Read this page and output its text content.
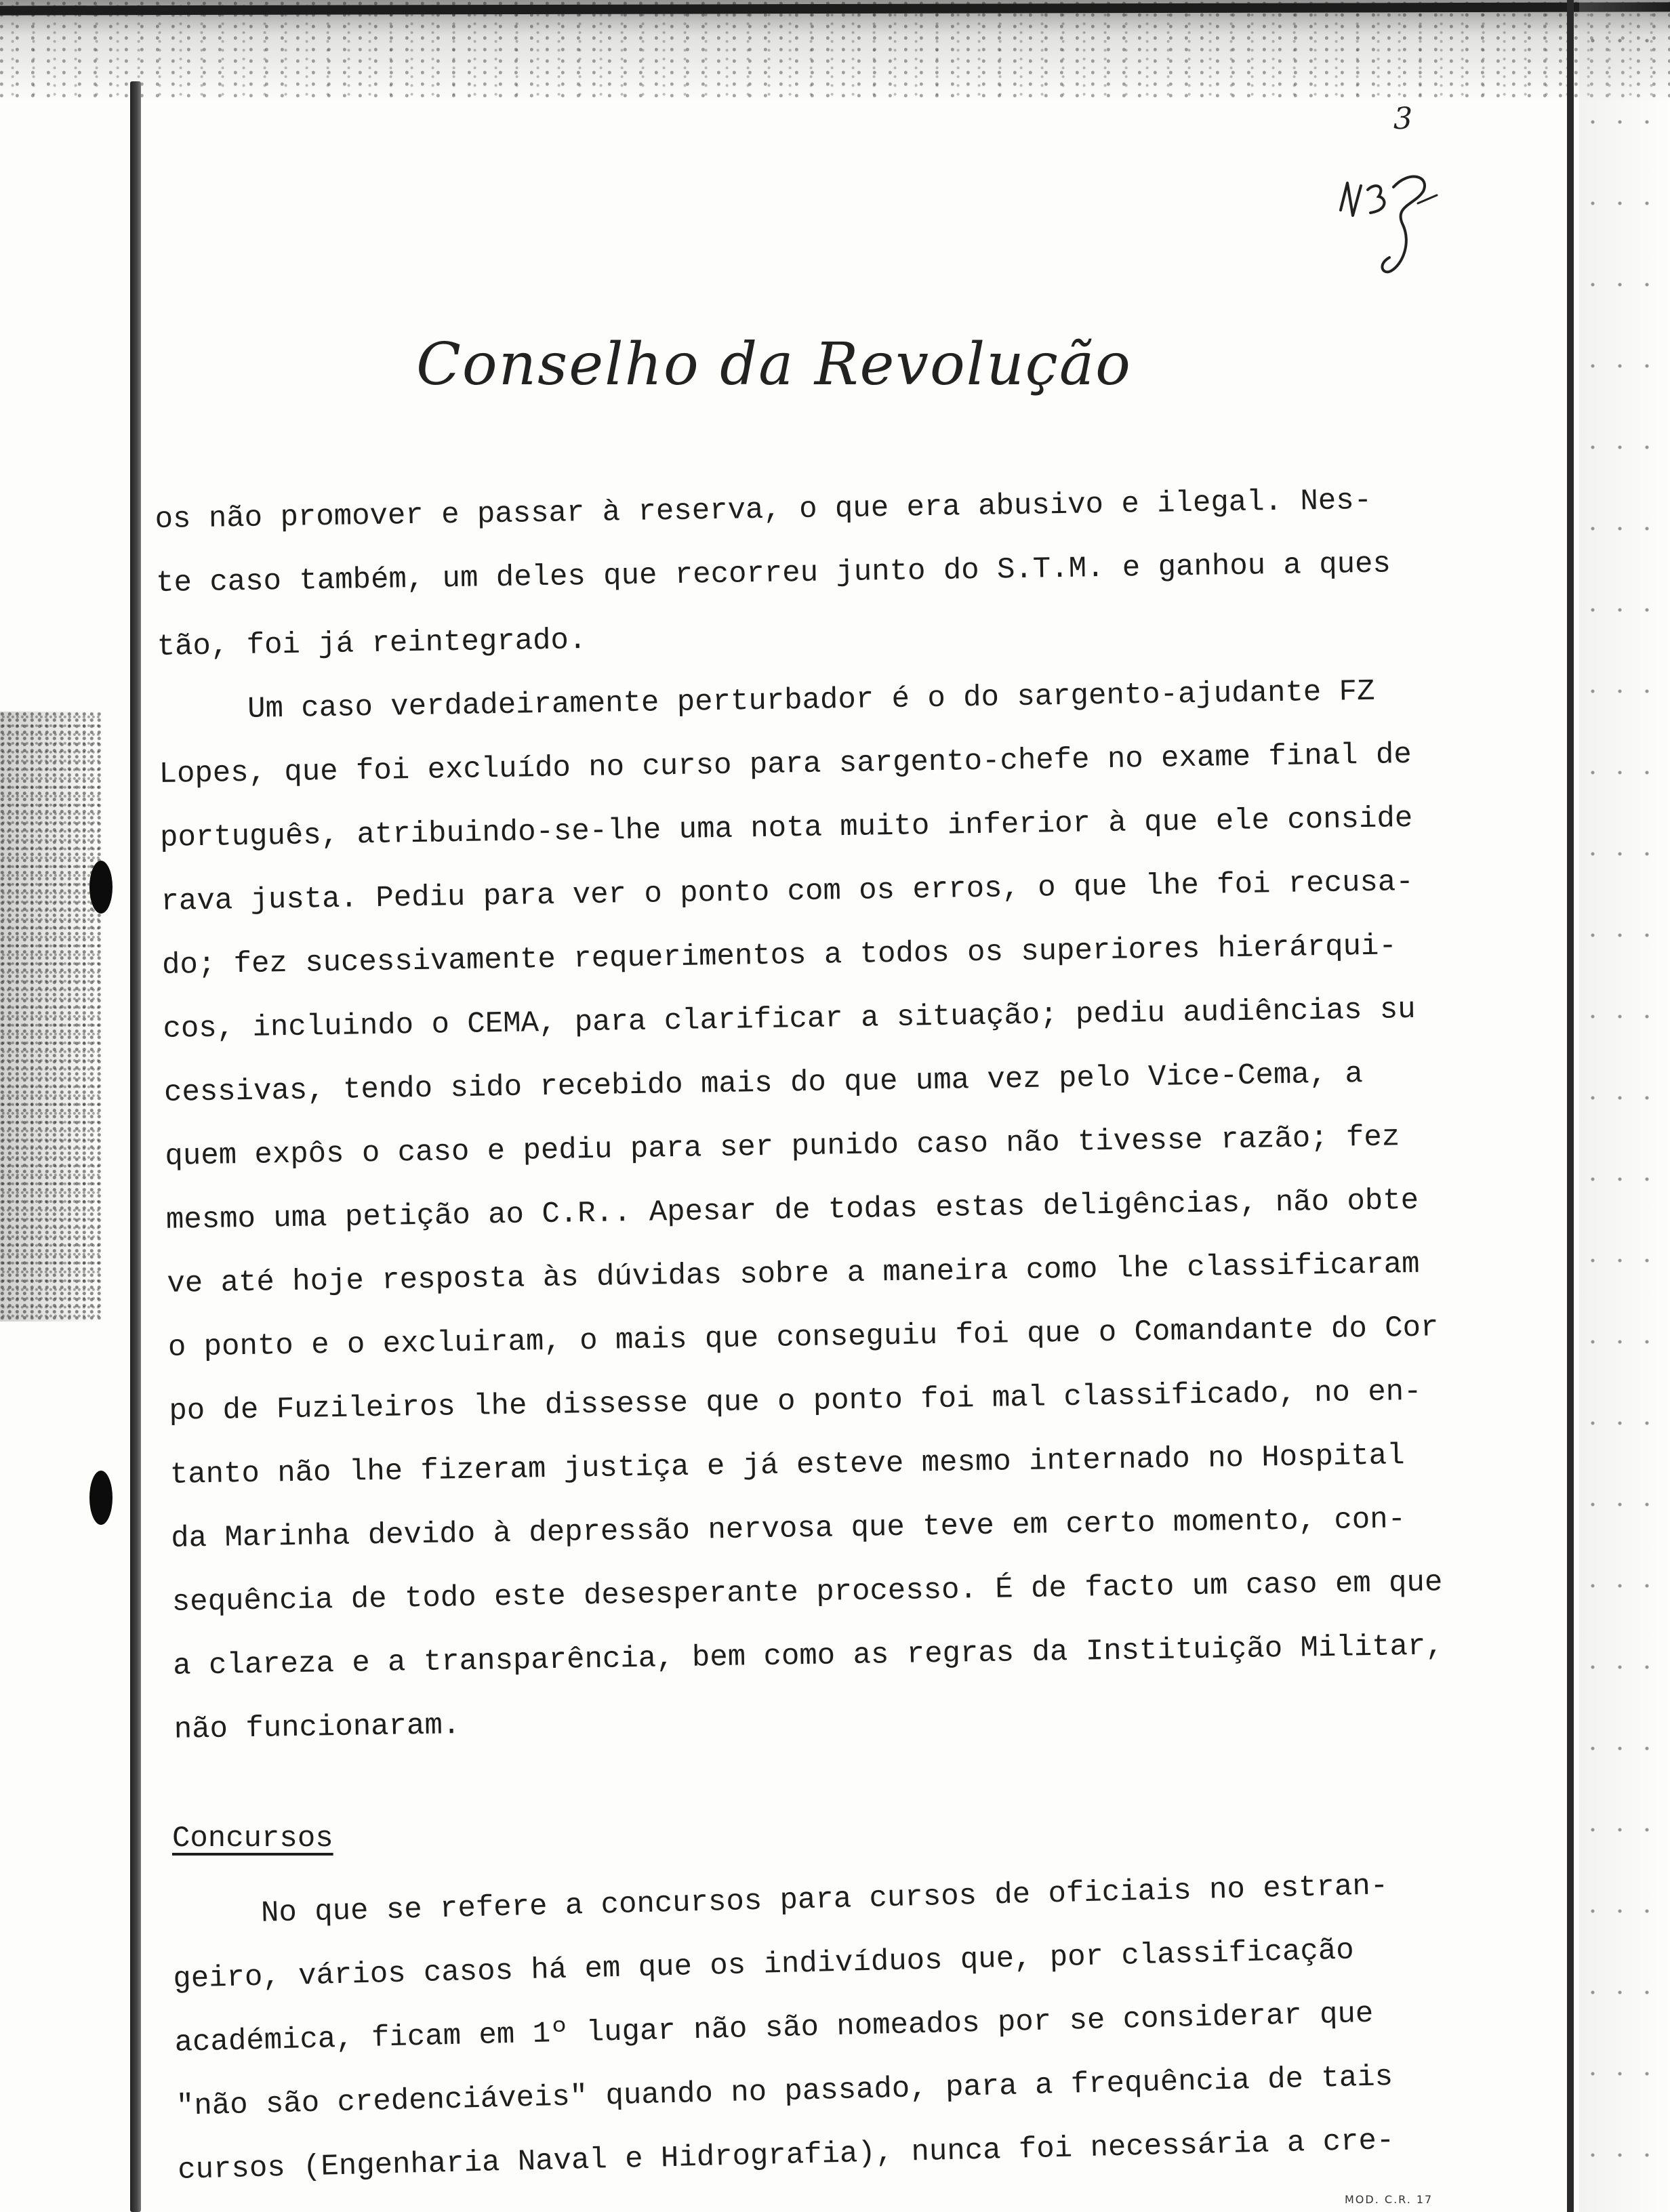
3
Conselho da Revolução
os não promover e passar à reserva, o que era abusivo e ilegal. Nes-
te caso também, um deles que recorreu junto do S.T.M. e ganhou a ques
tão, foi já reintegrado.
Um caso verdadeiramente perturbador é o do sargento-ajudante FZ
Lopes, que foi excluído no curso para sargento-chefe no exame final de
português, atribuindo-se-lhe uma nota muito inferior à que ele conside
rava justa. Pediu para ver o ponto com os erros, o que lhe foi recusa-
do; fez sucessivamente requerimentos a todos os superiores hierárqui-
cos, incluindo o CEMA, para clarificar a situação; pediu audiências su
cessivas, tendo sido recebido mais do que uma vez pelo Vice-Cema, a
quem expôs o caso e pediu para ser punido caso não tivesse razão; fez
mesmo uma petição ao C.R.. Apesar de todas estas deligências, não obte
ve até hoje resposta às dúvidas sobre a maneira como lhe classificaram
o ponto e o excluiram, o mais que conseguiu foi que o Comandante do Cor
po de Fuzileiros lhe dissesse que o ponto foi mal classificado, no en-
tanto não lhe fizeram justiça e já esteve mesmo internado no Hospital
da Marinha devido à depressão nervosa que teve em certo momento, con-
sequência de todo este desesperante processo. É de facto um caso em que
a clareza e a transparência, bem como as regras da Instituição Militar,
não funcionaram.
Concursos
No que se refere a concursos para cursos de oficiais no estran-
geiro, vários casos há em que os indivíduos que, por classificação
académica, ficam em 1º lugar não são nomeados por se considerar que
"não são credenciáveis" quando no passado, para a frequência de tais
cursos (Engenharia Naval e Hidrografia), nunca foi necessária a cre-
MOD. C.R. 17
